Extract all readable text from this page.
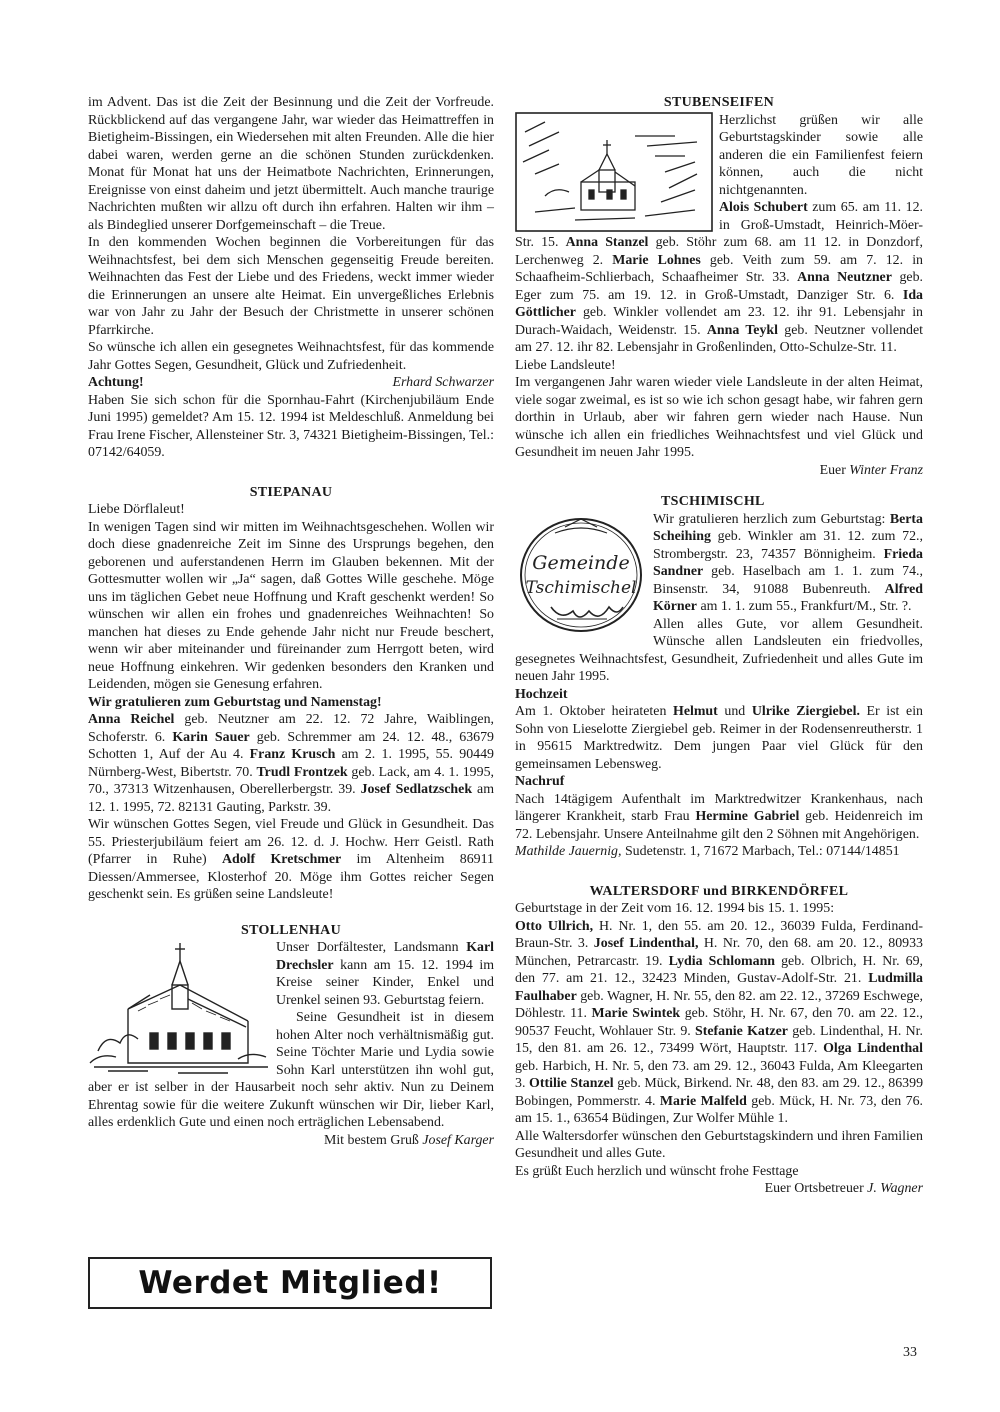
im Advent. Das ist die Zeit der Besinnung und die Zeit der Vorfreude. Rückblickend auf das vergangene Jahr, war wieder das Heimattreffen in Bietigheim-Bissingen, ein Wiedersehen mit alten Freunden. Alle die hier dabei waren, werden gerne an die schönen Stunden zurückdenken. Monat für Monat hat uns der Heimatbote Nachrichten, Erinnerungen, Ereignisse von einst daheim und jetzt übermittelt. Auch manche traurige Nachrichten mußten wir allzu oft durch ihn erfahren. Halten wir ihm – als Bindeglied unserer Dorfgemeinschaft – die Treue.

In den kommenden Wochen beginnen die Vorbereitungen für das Weihnachtsfest, bei dem sich Menschen gegenseitig Freude bereiten. Weihnachten das Fest der Liebe und des Friedens, weckt immer wieder die Erinnerungen an unsere alte Heimat. Ein unvergeßliches Erlebnis war von Jahr zu Jahr der Besuch der Christmette in unserer schönen Pfarrkirche.

So wünsche ich allen ein gesegnetes Weihnachtsfest, für das kommende Jahr Gottes Segen, Gesundheit, Glück und Zufriedenheit.
Erhard Schwarzer

Achtung!

Haben Sie sich schon für die Spornhau-Fahrt (Kirchenjubiläum Ende Juni 1995) gemeldet? Am 15. 12. 1994 ist Meldeschluß. Anmeldung bei Frau Irene Fischer, Allensteiner Str. 3, 74321 Bietigheim-Bissingen, Tel.: 07142/64059.

STIEPANAU

Liebe Dörflaleut!

In wenigen Tagen sind wir mitten im Weihnachtsgeschehen. Wollen wir doch diese gnadenreiche Zeit im Sinne des Ursprungs begehen, den geborenen und auferstandenen Herrn im Glauben bekennen. Mit der Gottesmutter wollen wir „Ja“ sagen, daß Gottes Wille geschehe. Möge uns im täglichen Gebet neue Hoffnung und Kraft geschenkt werden! So wünschen wir allen ein frohes und gnadenreiches Weihnachten! So manchen hat dieses zu Ende gehende Jahr nicht nur Freude beschert, wenn wir aber miteinander und füreinander zum Herrgott beten, wird neue Hoffnung einkehren. Wir gedenken besonders den Kranken und Leidenden, mögen sie Genesung erfahren.

Wir gratulieren zum Geburtstag und Namenstag!

Anna Reichel geb. Neutzner am 22. 12. 72 Jahre, Waiblingen, Schoferstr. 6. Karin Sauer geb. Schremmer am 24. 12. 48., 63679 Schotten 1, Auf der Au 4. Franz Krusch am 2. 1. 1995, 55. 90449 Nürnberg-West, Bibertstr. 70. Trudl Frontzek geb. Lack, am 4. 1. 1995, 70., 37313 Witzenhausen, Oberellerbergstr. 39. Josef Sedlatzschek am 12. 1. 1995, 72. 82131 Gauting, Parkstr. 39.

Wir wünschen Gottes Segen, viel Freude und Glück in Gesundheit. Das 55. Priesterjubiläum feiert am 26. 12. d. J. Hochw. Herr Geistl. Rath (Pfarrer in Ruhe) Adolf Kretschmer im Altenheim 86911 Diessen/Ammersee, Klosterhof 20. Möge ihm Gottes reicher Segen geschenkt sein. Es grüßen seine Landsleute!

STOLLENHAU

Unser Dorfältester, Landsmann Karl Drechsler kann am 15. 12. 1994 im Kreise seiner Kinder, Enkel und Urenkel seinen 93. Geburtstag feiern.

Seine Gesundheit ist in diesem hohen Alter noch verhältnismäßig gut. Seine Töchter Marie und Lydia sowie Sohn Karl unterstützen ihn wohl gut, aber er ist selber in der Hausarbeit noch sehr aktiv. Nun zu Deinem Ehrentag sowie für die weitere Zukunft wünschen wir Dir, lieber Karl, alles erdenklich Gute und einen noch erträglichen Lebensabend.
Mit bestem Gruß Josef Karger

Werdet Mitglied!

STUBENSEIFEN

Herzlichst grüßen wir alle Geburtstagskinder sowie alle anderen die ein Familienfest feiern können, auch die nicht nichtgenannten.

Alois Schubert zum 65. am 11. 12. in Groß-Umstadt, Heinrich-Möer-Str. 15. Anna Stanzel geb. Stöhr zum 68. am 11 12. in Donzdorf, Lerchenweg 2. Marie Lohnes geb. Veith zum 59. am 7. 12. in Schaafheim-Schlierbach, Schaafheimer Str. 33. Anna Neutzner geb. Eger zum 75. am 19. 12. in Groß-Umstadt, Danziger Str. 6. Ida Göttlicher geb. Winkler vollendet am 23. 12. ihr 91. Lebensjahr in Durach-Waidach, Weidenstr. 15. Anna Teykl geb. Neutzner vollendet am 27. 12. ihr 82. Lebensjahr in Großenlinden, Otto-Schulze-Str. 11.

Liebe Landsleute!

Im vergangenen Jahr waren wieder viele Landsleute in der alten Heimat, viele sogar zweimal, es ist so wie ich schon gesagt habe, wir fahren gern dorthin in Urlaub, aber wir fahren gern wieder nach Hause. Nun wünsche ich allen ein friedliches Weihnachtsfest und viel Glück und Gesundheit im neuen Jahr 1995.

Euer Winter Franz

TSCHIMISCHL

Gemeinde
Tschimischel

Wir gratulieren herzlich zum Geburtstag: Berta Scheihing geb. Winkler am 31. 12. zum 72., Strombergstr. 23, 74357 Bönnigheim. Frieda Sandner geb. Haselbach am 1. 1. zum 74., Binsenstr. 34, 91088 Bubenreuth. Alfred Körner am 1. 1. zum 55., Frankfurt/M., Str. ?.

Allen alles Gute, vor allem Gesundheit. Wünsche allen Landsleuten ein friedvolles, gesegnetes Weihnachtsfest, Gesundheit, Zufriedenheit und alles Gute im neuen Jahr 1995.

Hochzeit

Am 1. Oktober heirateten Helmut und Ulrike Ziergiebel. Er ist ein Sohn von Lieselotte Ziergiebel geb. Reimer in der Rodensenreutherstr. 1 in 95615 Marktredwitz. Dem jungen Paar viel Glück für den gemeinsamen Lebensweg.

Nachruf

Nach 14tägigem Aufenthalt im Marktredwitzer Krankenhaus, nach längerer Krankheit, starb Frau Hermine Gabriel geb. Heidenreich im 72. Lebensjahr. Unsere Anteilnahme gilt den 2 Söhnen mit Angehörigen.

Mathilde Jauernig, Sudetenstr. 1, 71672 Marbach, Tel.: 07144/14851

WALTERSDORF und BIRKENDÖRFEL

Geburtstage in der Zeit vom 16. 12. 1994 bis 15. 1. 1995:

Otto Ullrich, H. Nr. 1, den 55. am 20. 12., 36039 Fulda, Ferdinand-Braun-Str. 3. Josef Lindenthal, H. Nr. 70, den 68. am 20. 12., 80933 München, Petrarcastr. 19. Lydia Schlomann geb. Olbrich, H. Nr. 69, den 77. am 21. 12., 32423 Minden, Gustav-Adolf-Str. 21. Ludmilla Faulhaber geb. Wagner, H. Nr. 55, den 82. am 22. 12., 37269 Eschwege, Döhlestr. 11. Marie Swintek geb. Stöhr, H. Nr. 67, den 70. am 22. 12., 90537 Feucht, Wohlauer Str. 9. Stefanie Katzer geb. Lindenthal, H. Nr. 15, den 81. am 26. 12., 73499 Wört, Hauptstr. 117. Olga Lindenthal geb. Harbich, H. Nr. 5, den 73. am 29. 12., 36043 Fulda, Am Kleegarten 3. Ottilie Stanzel geb. Mück, Birkend. Nr. 48, den 83. am 29. 12., 86399 Bobingen, Pommerstr. 4. Marie Malfeld geb. Mück, H. Nr. 73, den 76. am 15. 1., 63654 Büdingen, Zur Wolfer Mühle 1.

Alle Waltersdorfer wünschen den Geburtstagskindern und ihren Familien Gesundheit und alles Gute.

Es grüßt Euch herzlich und wünscht frohe Festtage

Euer Ortsbetreuer J. Wagner

33
